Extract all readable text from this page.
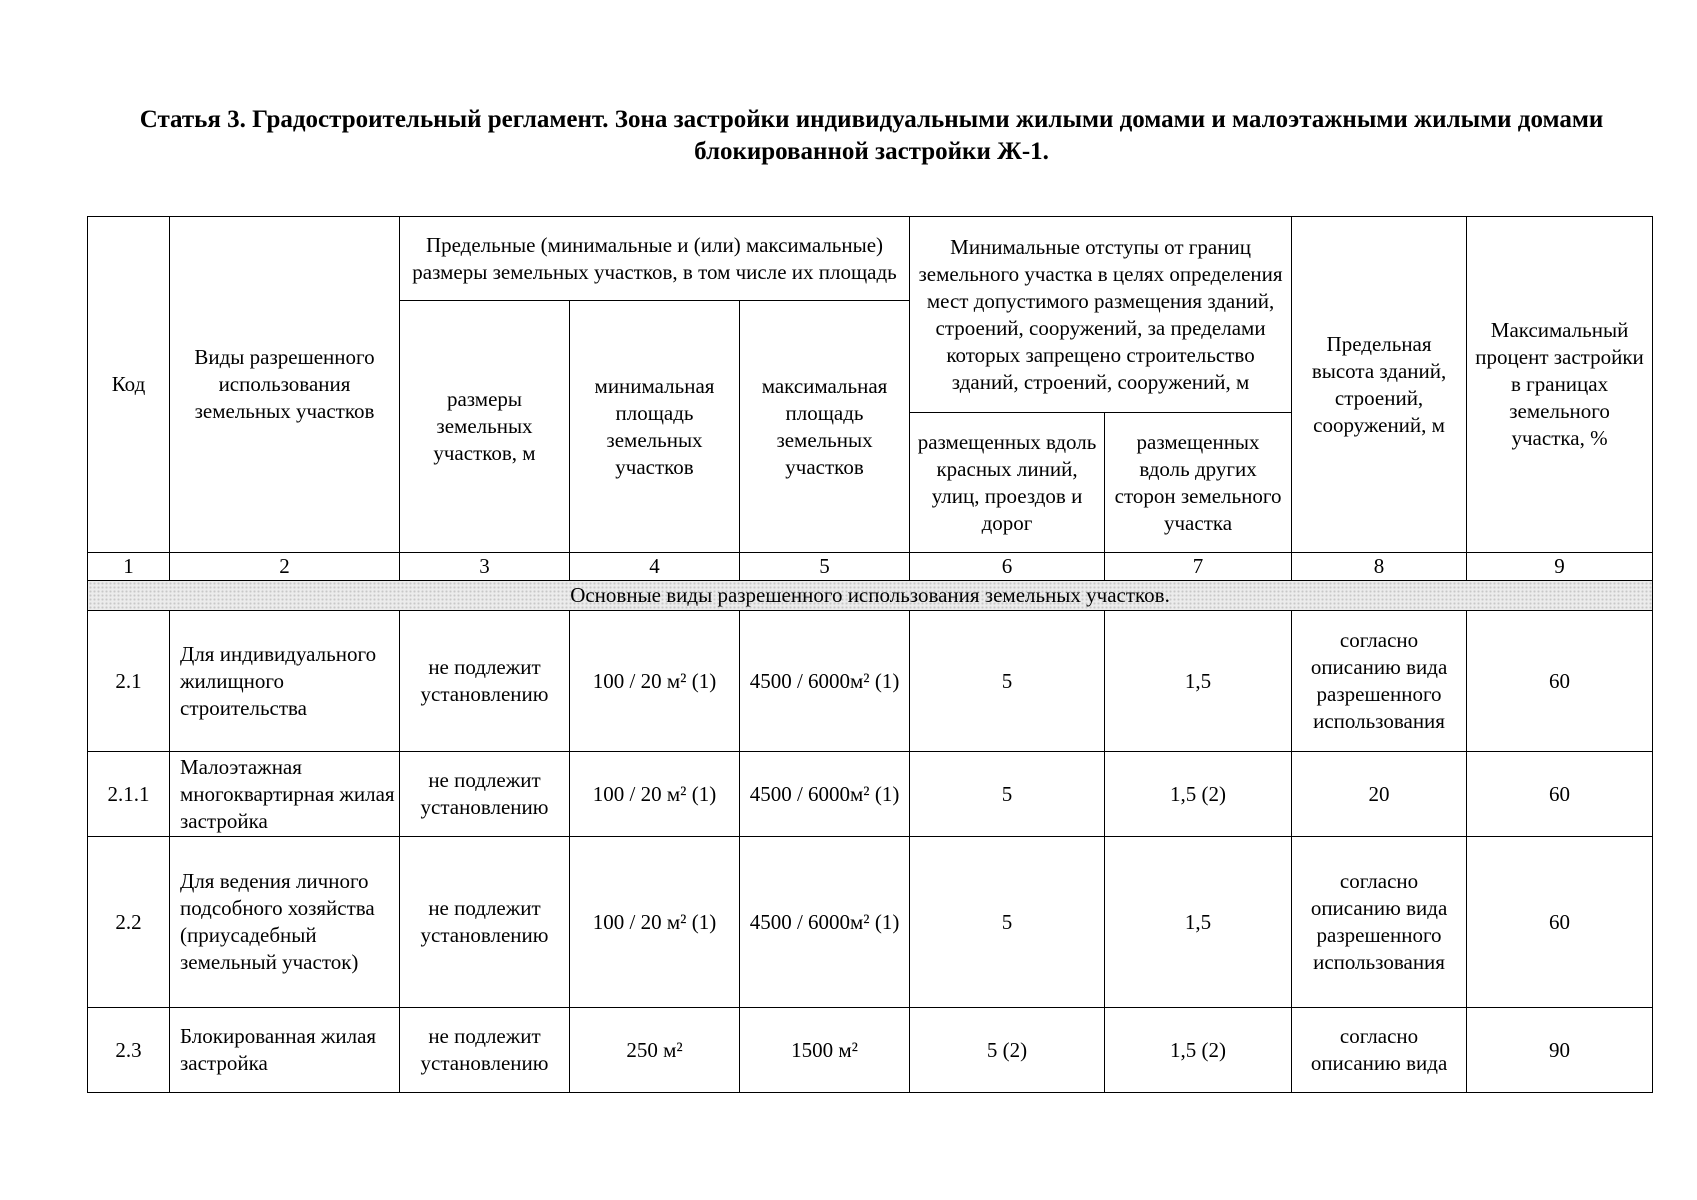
Статья 3. Градостроительный регламент. Зона застройки индивидуальными жилыми домами и малоэтажными жилыми домами блокированной застройки Ж-1.
Код	Виды разрешенного использования земельных участков	Предельные (минимальные и (или) максимальные) размеры земельных участков, в том числе их площадь			Минимальные отступы от границ земельного участка в целях определения мест допустимого размещения зданий, строений, сооружений, за пределами которых запрещено строительство зданий, строений, сооружений, м		Предельная высота зданий, строений, сооружений, м	Максимальный процент застройки в границах земельного участка, %
		размеры земельных участков, м	минимальная площадь земельных участков	максимальная площадь земельных участков				
					размещенных вдоль красных линий, улиц, проездов и дорог	размещенных вдоль других сторон земельного участка		
1	2	3	4	5	6	7	8	9
Основные виды разрешенного использования земельных участков.								
2.1	Для индивидуального жилищного строительства	не подлежит установлению	100 / 20 м² (1)	4500 / 6000м² (1)	5	1,5	согласно описанию вида разрешенного использования	60
2.1.1	Малоэтажная многоквартирная жилая застройка	не подлежит установлению	100 / 20 м² (1)	4500 / 6000м² (1)	5	1,5 (2)	20	60
2.2	Для ведения личного подсобного хозяйства (приусадебный земельный участок)	не подлежит установлению	100 / 20 м² (1)	4500 / 6000м² (1)	5	1,5	согласно описанию вида разрешенного использования	60
2.3	Блокированная жилая застройка	не подлежит установлению	250 м²	1500 м²	5 (2)	1,5 (2)	согласно описанию вида	90
